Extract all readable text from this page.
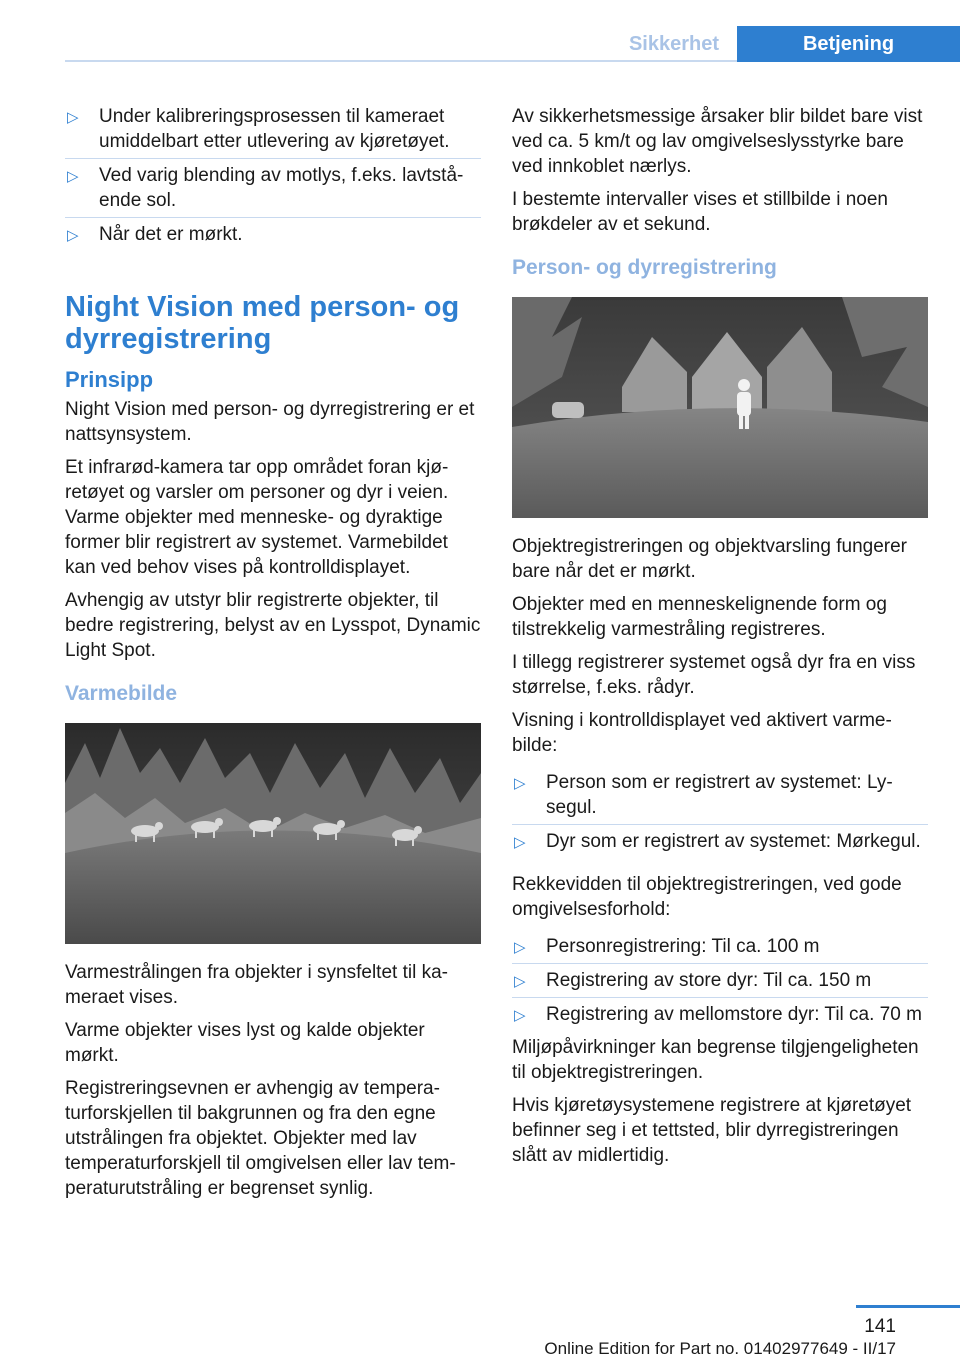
Sikkerhet	Betjening
▷ Under kalibreringsprosessen til kameraet umiddelbart etter utlevering av kjøretøyet.
▷ Ved varig blending av motlys, f.eks. lavtstående sol.
▷ Når det er mørkt.
Night Vision med person- og dyrregistrering
Prinsipp

Night Vision med person- og dyrregistrering er et nattsynsystem.

Et infrarød-kamera tar opp området foran kjøretøyet og varsler om personer og dyr i veien. Varme objekter med menneske- og dyraktige former blir registrert av systemet. Varmebildet kan ved behov vises på kontrolldisplayet.

Avhengig av utstyr blir registrerte objekter, til bedre registrering, belyst av en Lysspot, Dynamic Light Spot.

Varmebilde

Varmestrålingen fra objekter i synsfeltet til kameraet vises.

Varme objekter vises lyst og kalde objekter mørkt.

Registreringsevnen er avhengig av temperaturforskjellen til bakgrunnen og fra den egne utstrålingen fra objektet. Objekter med lav temperaturforskjell til omgivelsen eller lav temperaturutstråling er begrenset synlig.

Av sikkerhetsmessige årsaker blir bildet bare vist ved ca. 5 km/t og lav omgivelseslysstyrke bare ved innkoblet nærlys.

I bestemte intervaller vises et stillbilde i noen brøkdeler av et sekund.

Person- og dyrregistrering

Objektregistreringen og objektvarsling fungerer bare når det er mørkt.

Objekter med en menneskelignende form og tilstrekkelig varmestråling registreres.

I tillegg registrerer systemet også dyr fra en viss størrelse, f.eks. rådyr.

Visning i kontrolldisplayet ved aktivert varmebilde:

▷ Person som er registrert av systemet: Lysegul.
▷ Dyr som er registrert av systemet: Mørkegul.

Rekkevidden til objektregistreringen, ved gode omgivelsesforhold:

▷ Personregistrering: Til ca. 100 m
▷ Registrering av store dyr: Til ca. 150 m
▷ Registrering av mellomstore dyr: Til ca. 70 m

Miljøpåvirkninger kan begrense tilgjengeligheten til objektregistreringen.

Hvis kjøretøysystemene registrere at kjøretøyet befinner seg i et tettsted, blir dyrregistreringen slått av midlertidig.

141
Online Edition for Part no. 01402977649 - II/17
